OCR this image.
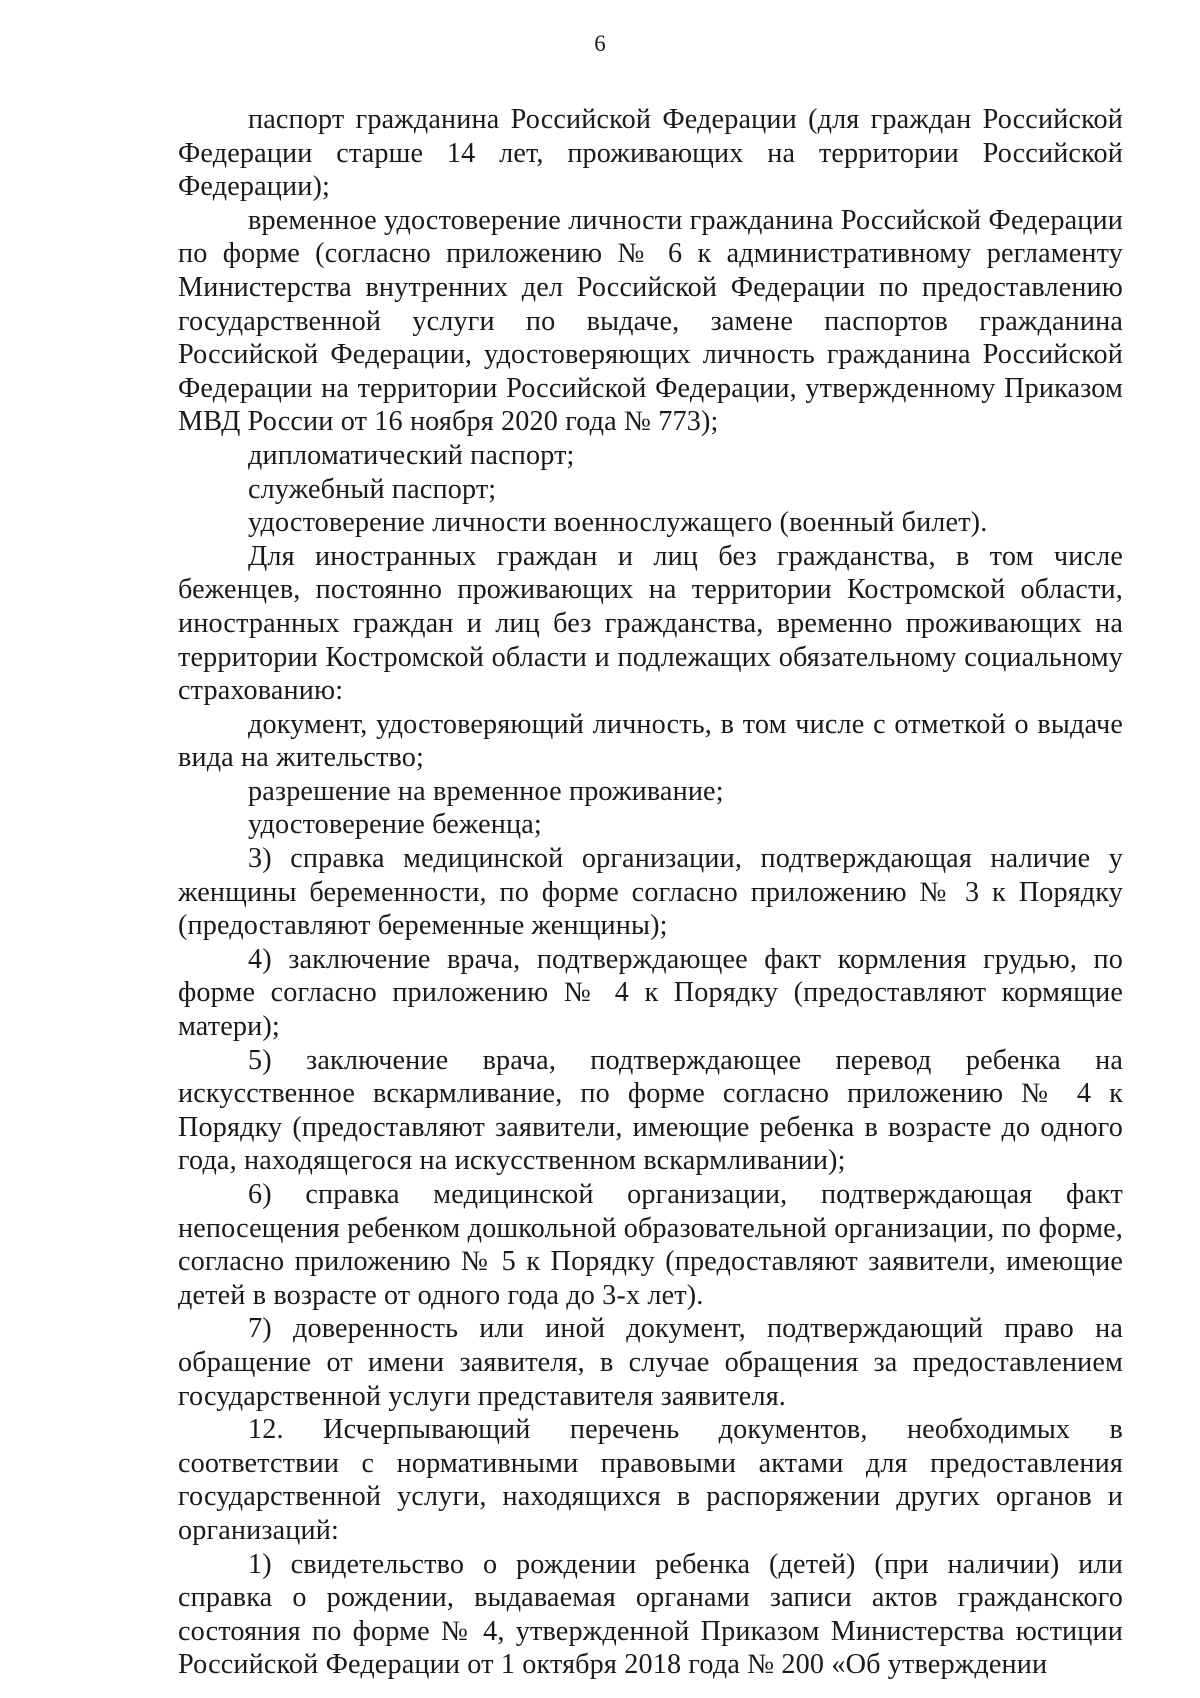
6

паспорт гражданина Российской Федерации (для граждан Российской Федерации старше 14 лет, проживающих на территории Российской Федерации);

временное удостоверение личности гражданина Российской Федерации по форме (согласно приложению № 6 к административному регламенту Министерства внутренних дел Российской Федерации по предоставлению государственной услуги по выдаче, замене паспортов гражданина Российской Федерации, удостоверяющих личность гражданина Российской Федерации на территории Российской Федерации, утвержденному Приказом МВД России от 16 ноября 2020 года № 773);

дипломатический паспорт;

служебный паспорт;

удостоверение личности военнослужащего (военный билет).

Для иностранных граждан и лиц без гражданства, в том числе беженцев, постоянно проживающих на территории Костромской области, иностранных граждан и лиц без гражданства, временно проживающих на территории Костромской области и подлежащих обязательному социальному страхованию:

документ, удостоверяющий личность, в том числе с отметкой о выдаче вида на жительство;

разрешение на временное проживание;

удостоверение беженца;

3) справка медицинской организации, подтверждающая наличие у женщины беременности, по форме согласно приложению № 3 к Порядку (предоставляют беременные женщины);

4) заключение врача, подтверждающее факт кормления грудью, по форме согласно приложению № 4 к Порядку (предоставляют кормящие матери);

5) заключение врача, подтверждающее перевод ребенка на искусственное вскармливание, по форме согласно приложению № 4 к Порядку (предоставляют заявители, имеющие ребенка в возрасте до одного года, находящегося на искусственном вскармливании);

6) справка медицинской организации, подтверждающая факт непосещения ребенком дошкольной образовательной организации, по форме, согласно приложению № 5 к Порядку (предоставляют заявители, имеющие детей в возрасте от одного года до 3-х лет).

7) доверенность или иной документ, подтверждающий право на обращение от имени заявителя, в случае обращения за предоставлением государственной услуги представителя заявителя.

12. Исчерпывающий перечень документов, необходимых в соответствии с нормативными правовыми актами для предоставления государственной услуги, находящихся в распоряжении других органов и организаций:

1) свидетельство о рождении ребенка (детей) (при наличии) или справка о рождении, выдаваемая органами записи актов гражданского состояния по форме № 4, утвержденной Приказом Министерства юстиции Российской Федерации от 1 октября 2018 года № 200 «Об утверждении
